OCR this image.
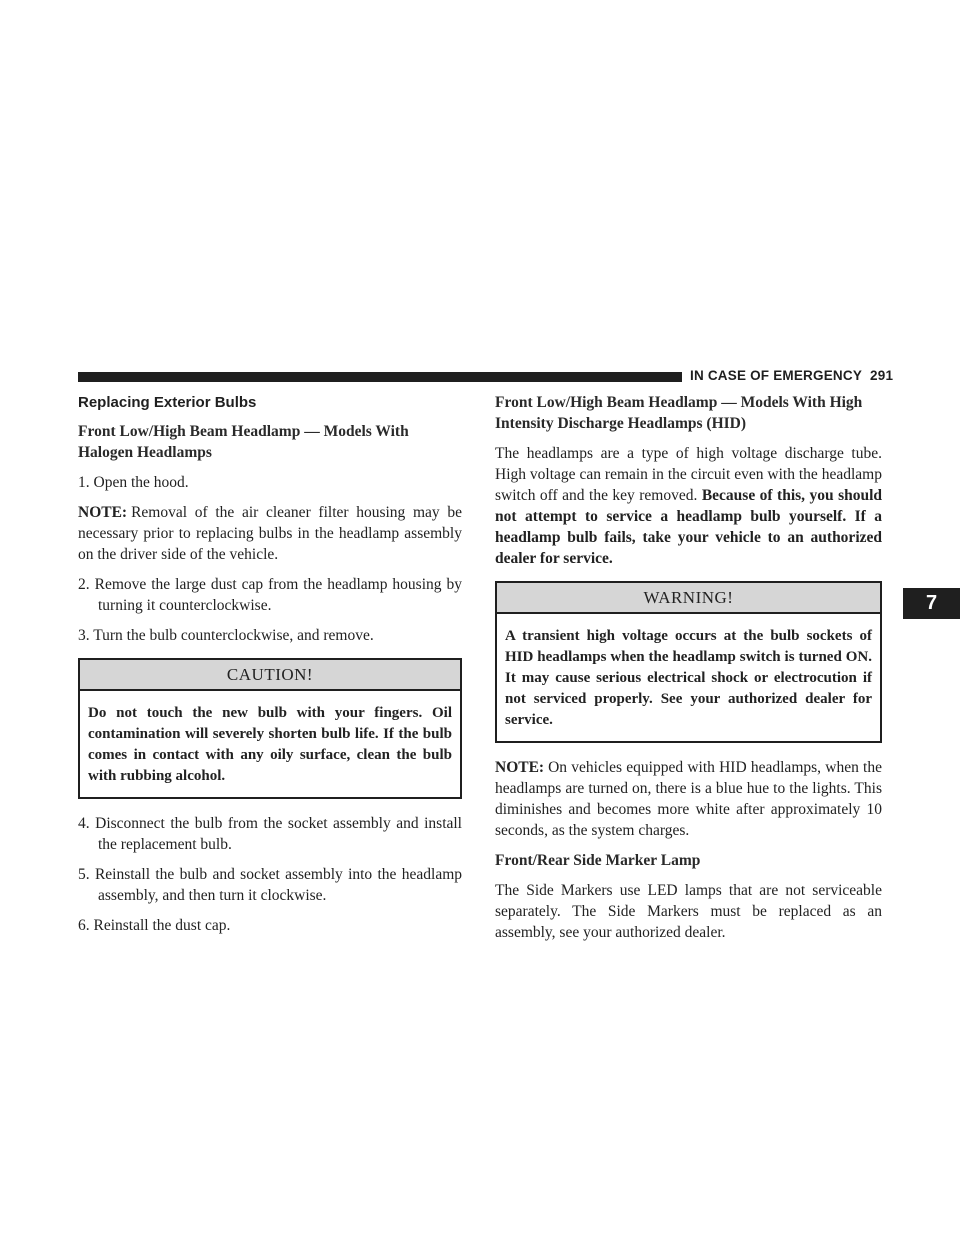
IN CASE OF EMERGENCY 291
7
Replacing Exterior Bulbs
Front Low/High Beam Headlamp — Models With Halogen Headlamps

1. Open the hood.

NOTE: Removal of the air cleaner filter housing may be necessary prior to replacing bulbs in the headlamp assembly on the driver side of the vehicle.

2. Remove the large dust cap from the headlamp housing by turning it counterclockwise.

3. Turn the bulb counterclockwise, and remove.

CAUTION!
Do not touch the new bulb with your fingers. Oil contamination will severely shorten bulb life. If the bulb comes in contact with any oily surface, clean the bulb with rubbing alcohol.

4. Disconnect the bulb from the socket assembly and install the replacement bulb.

5. Reinstall the bulb and socket assembly into the headlamp assembly, and then turn it clockwise.

6. Reinstall the dust cap.

Front Low/High Beam Headlamp — Models With High Intensity Discharge Headlamps (HID)

The headlamps are a type of high voltage discharge tube. High voltage can remain in the circuit even with the headlamp switch off and the key removed. Because of this, you should not attempt to service a headlamp bulb yourself. If a headlamp bulb fails, take your vehicle to an authorized dealer for service.

WARNING!
A transient high voltage occurs at the bulb sockets of HID headlamps when the headlamp switch is turned ON. It may cause serious electrical shock or electrocution if not serviced properly. See your authorized dealer for service.

NOTE: On vehicles equipped with HID headlamps, when the headlamps are turned on, there is a blue hue to the lights. This diminishes and becomes more white after approximately 10 seconds, as the system charges.

Front/Rear Side Marker Lamp

The Side Markers use LED lamps that are not serviceable separately. The Side Markers must be replaced as an assembly, see your authorized dealer.
